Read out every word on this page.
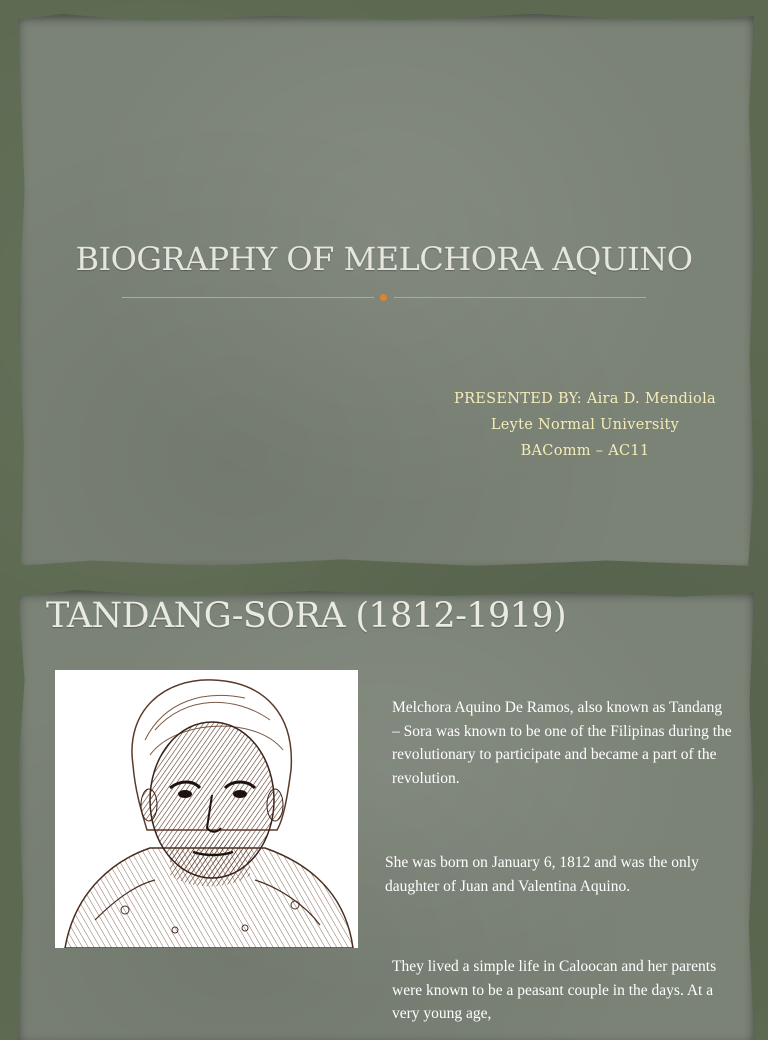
BIOGRAPHY OF MELCHORA AQUINO
PRESENTED BY: Aira D. Mendiola
Leyte Normal University
BAComm – AC11
TANDANG-SORA (1812-1919)
Melchora Aquino De Ramos, also known as Tandang – Sora was known to be one of the Filipinas during the revolutionary to participate and became a part of the revolution.
She was born on January 6, 1812 and was the only daughter of Juan and Valentina Aquino.
They lived a simple life in Caloocan and her parents were known to be a peasant couple in the days. At a very young age,
